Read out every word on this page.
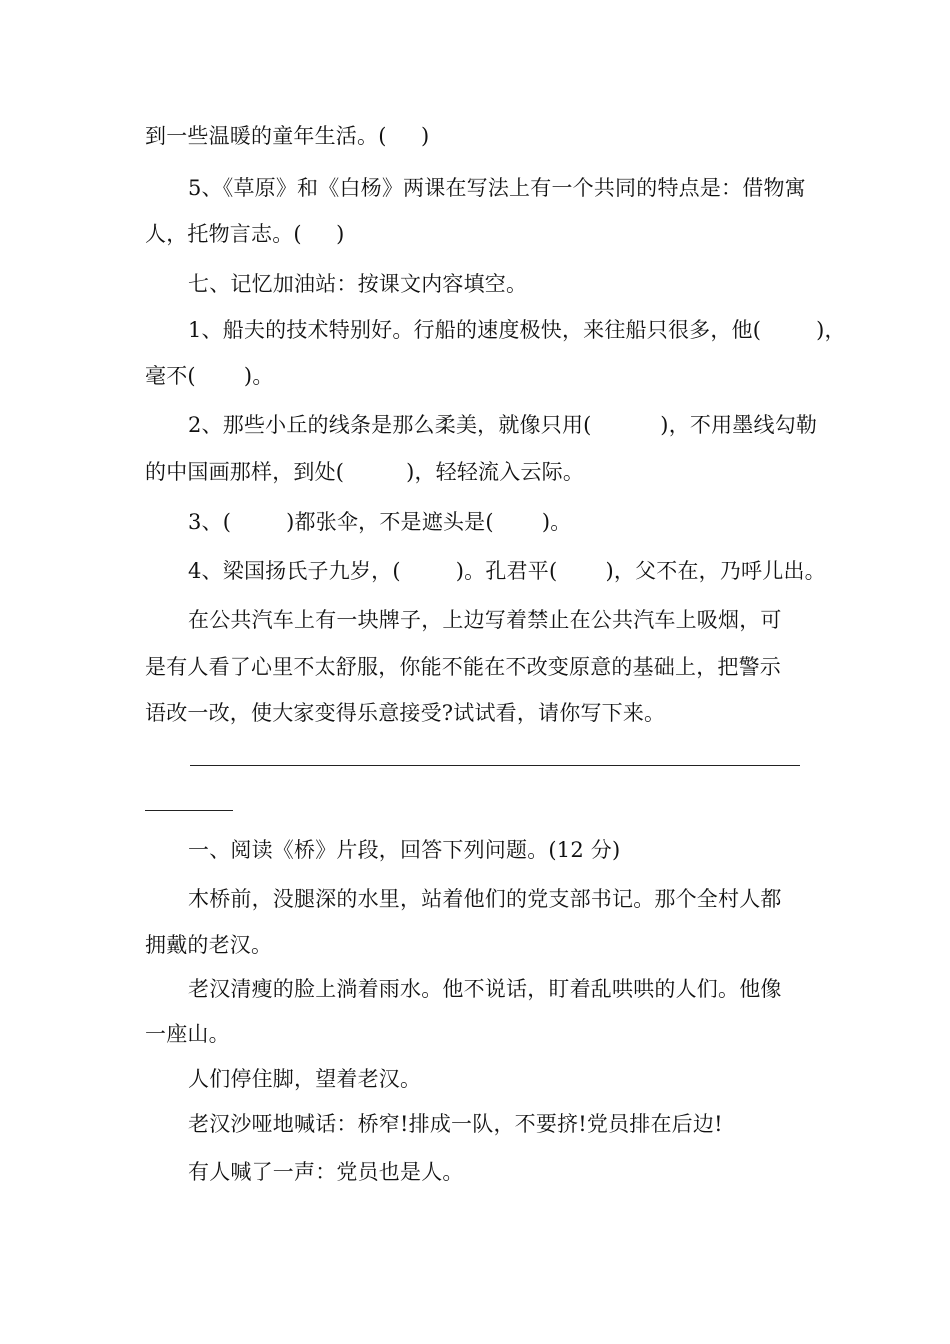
到一些温暖的童年生活。(     )
5、《草原》和《白杨》两课在写法上有一个共同的特点是：借物寓
人，托物言志。(     )
七、记忆加油站：按课文内容填空。
1、船夫的技术特别好。行船的速度极快，来往船只很多，他(        )，
毫不(       )。
2、那些小丘的线条是那么柔美，就像只用(          )，不用墨线勾勒
的中国画那样，到处(         )，轻轻流入云际。
3、(        )都张伞，不是遮头是(       )。
4、梁国扬氏子九岁，(        )。孔君平(       )，父不在，乃呼儿出。
在公共汽车上有一块牌子，上边写着禁止在公共汽车上吸烟，可
是有人看了心里不太舒服，你能不能在不改变原意的基础上，把警示
语改一改，使大家变得乐意接受?试试看，请你写下来。
一、阅读《桥》片段，回答下列问题。(12 分)
木桥前，没腿深的水里，站着他们的党支部书记。那个全村人都
拥戴的老汉。
老汉清瘦的脸上淌着雨水。他不说话，盯着乱哄哄的人们。他像
一座山。
人们停住脚，望着老汉。
老汉沙哑地喊话：桥窄!排成一队，不要挤!党员排在后边!
有人喊了一声：党员也是人。
